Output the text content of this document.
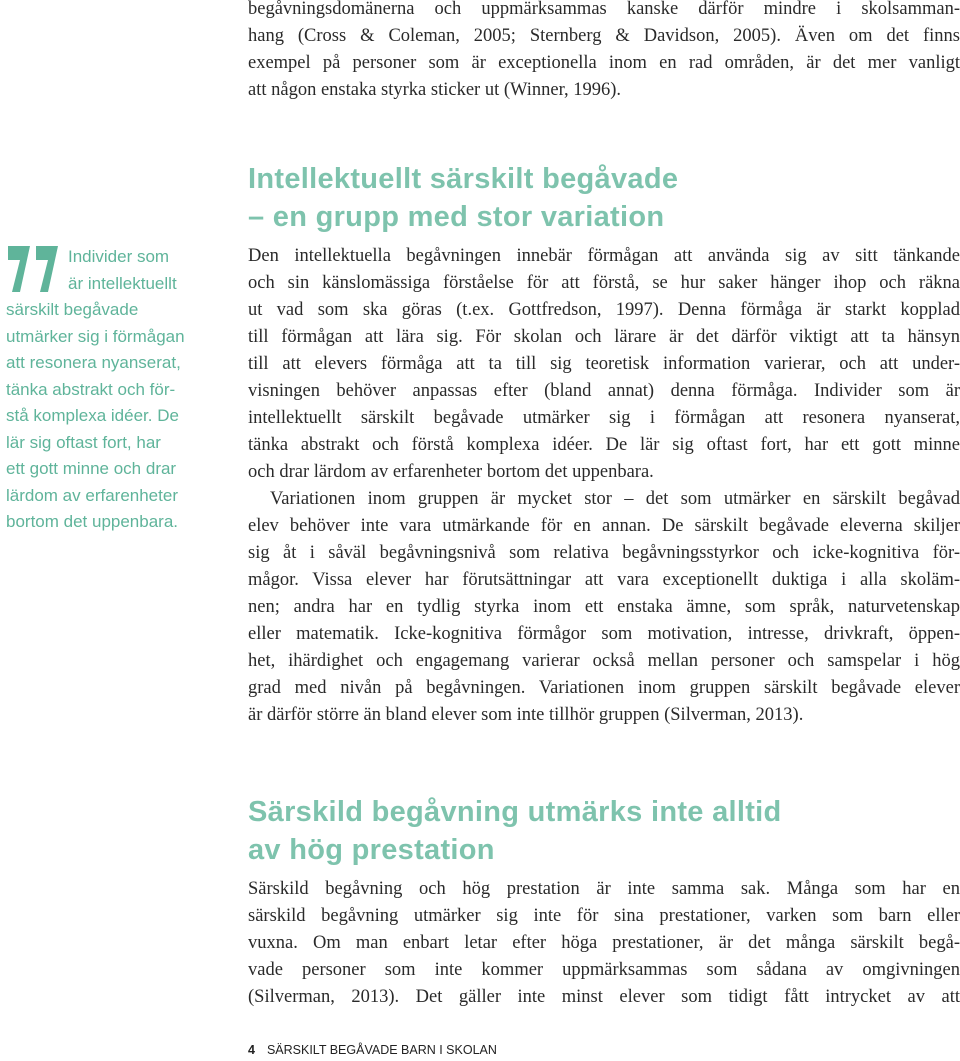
begåvningsdomänerna och uppmärksammas kanske därför mindre i skolsamman-
hang (Cross & Coleman, 2005; Sternberg & Davidson, 2005). Även om det finns
exempel på personer som är exceptionella inom en rad områden, är det mer vanligt
att någon enstaka styrka sticker ut (Winner, 1996).
Intellektuellt särskilt begåvade
– en grupp med stor variation
Den intellektuella begåvningen innebär förmågan att använda sig av sitt tänkande
och sin känslomässiga förståelse för att förstå, se hur saker hänger ihop och räkna
ut vad som ska göras (t.ex. Gottfredson, 1997). Denna förmåga är starkt kopplad
till förmågan att lära sig. För skolan och lärare är det därför viktigt att ta hänsyn
till att elevers förmåga att ta till sig teoretisk information varierar, och att under-
visningen behöver anpassas efter (bland annat) denna förmåga. Individer som är
intellektuellt särskilt begåvade utmärker sig i förmågan att resonera nyanserat,
tänka abstrakt och förstå komplexa idéer. De lär sig oftast fort, har ett gott minne
och drar lärdom av erfarenheter bortom det uppenbara.
Variationen inom gruppen är mycket stor – det som utmärker en särskilt begåvad
elev behöver inte vara utmärkande för en annan. De särskilt begåvade eleverna skiljer
sig åt i såväl begåvningsnivå som relativa begåvningsstyrkor och icke-kognitiva för-
mågor. Vissa elever har förutsättningar att vara exceptionellt duktiga i alla skoläm-
nen; andra har en tydlig styrka inom ett enstaka ämne, som språk, naturvetenskap
eller matematik. Icke-kognitiva förmågor som motivation, intresse, drivkraft, öppen-
het, ihärdighet och engagemang varierar också mellan personer och samspelar i hög
grad med nivån på begåvningen. Variationen inom gruppen särskilt begåvade elever
är därför större än bland elever som inte tillhör gruppen (Silverman, 2013).
Individer som
är intellektuellt
särskilt begåvade
utmärker sig i förmågan
att resonera nyanserat,
tänka abstrakt och för-
stå komplexa idéer. De
lär sig oftast fort, har
ett gott minne och drar
lärdom av erfarenheter
bortom det uppenbara.
Särskild begåvning utmärks inte alltid
av hög prestation
Särskild begåvning och hög prestation är inte samma sak. Många som har en
särskild begåvning utmärker sig inte för sina prestationer, varken som barn eller
vuxna. Om man enbart letar efter höga prestationer, är det många särskilt begå-
vade personer som inte kommer uppmärksammas som sådana av omgivningen
(Silverman, 2013). Det gäller inte minst elever som tidigt fått intrycket av att
4 SÄRSKILT BEGÅVADE BARN I SKOLAN
